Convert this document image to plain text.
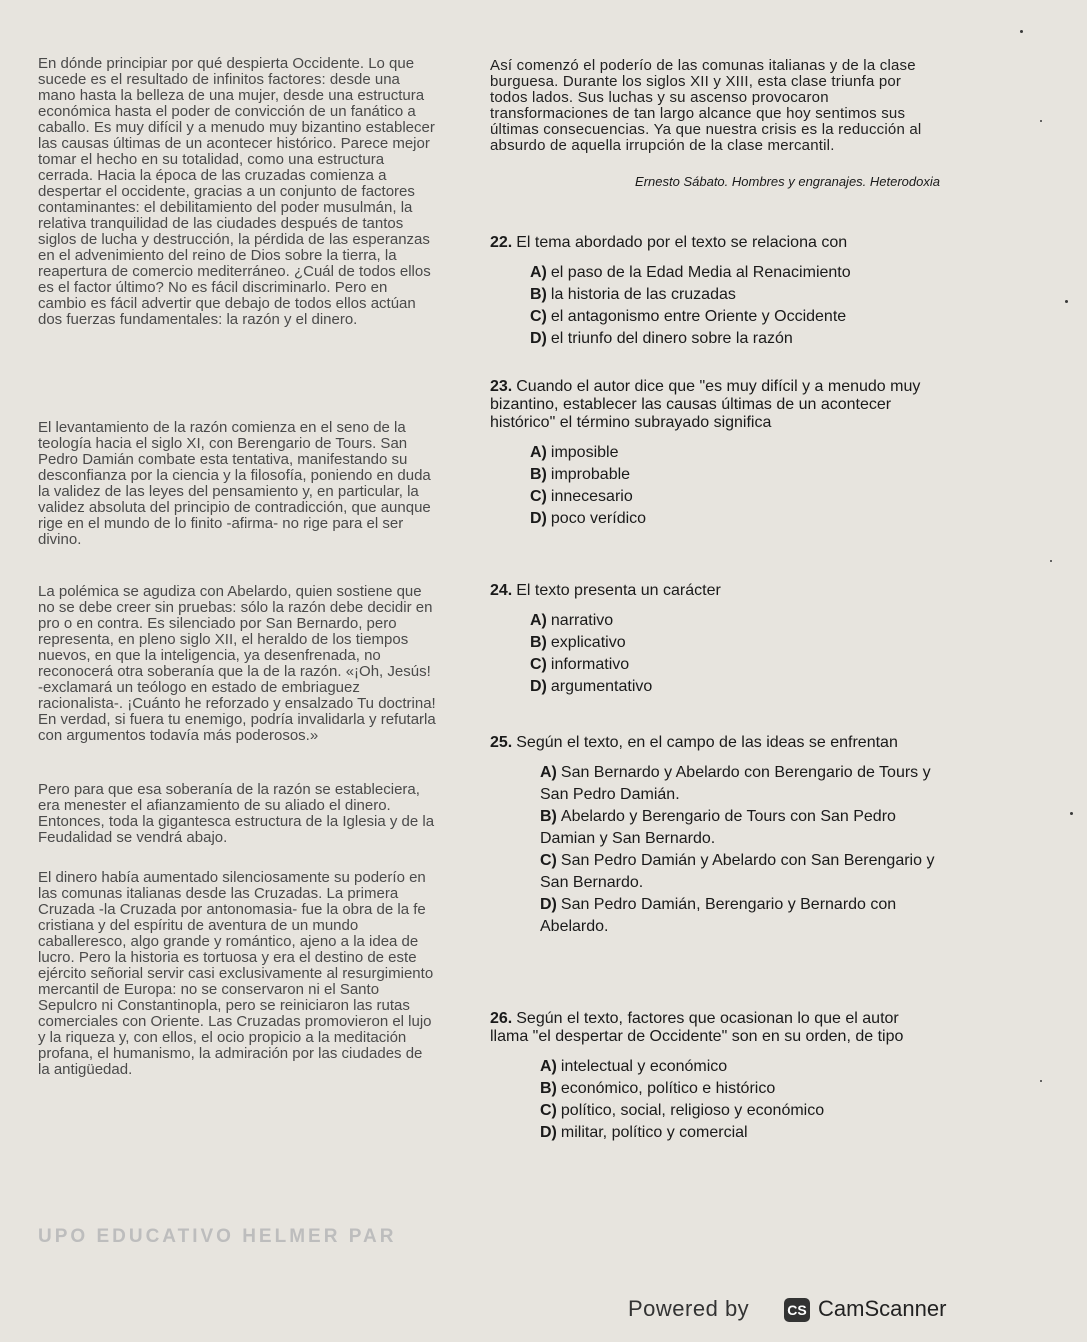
En dónde principiar por qué despierta Occidente. Lo que sucede es el resultado de infinitos factores: desde una mano hasta la belleza de una mujer, desde una estructura económica hasta el poder de convicción de un fanático a caballo. Es muy difícil y a menudo muy bizantino establecer las causas últimas de un acontecer histórico. Parece mejor tomar el hecho en su totalidad, como una estructura cerrada. Hacia la época de las cruzadas comienza a despertar el occidente, gracias a un conjunto de factores contaminantes: el debilitamiento del poder musulmán, la relativa tranquilidad de las ciudades después de tantos siglos de lucha y destrucción, la pérdida de las esperanzas en el advenimiento del reino de Dios sobre la tierra, la reapertura de comercio mediterráneo. ¿Cuál de todos ellos es el factor último? No es fácil discriminarlo. Pero en cambio es fácil advertir que debajo de todos ellos actúan dos fuerzas fundamentales: la razón y el dinero.

El levantamiento de la razón comienza en el seno de la teología hacia el siglo XI, con Berengario de Tours. San Pedro Damián combate esta tentativa, manifestando su desconfianza por la ciencia y la filosofía, poniendo en duda la validez de las leyes del pensamiento y, en particular, la validez absoluta del principio de contradicción, que aunque rige en el mundo de lo finito -afirma- no rige para el ser divino.

La polémica se agudiza con Abelardo, quien sostiene que no se debe creer sin pruebas: sólo la razón debe decidir en pro o en contra. Es silenciado por San Bernardo, pero representa, en pleno siglo XII, el heraldo de los tiempos nuevos, en que la inteligencia, ya desenfrenada, no reconocerá otra soberanía que la de la razón. «¡Oh, Jesús! -exclamará un teólogo en estado de embriaguez racionalista-. ¡Cuánto he reforzado y ensalzado Tu doctrina! En verdad, si fuera tu enemigo, podría invalidarla y refutarla con argumentos todavía más poderosos.»

Pero para que esa soberanía de la razón se estableciera, era menester el afianzamiento de su aliado el dinero. Entonces, toda la gigantesca estructura de la Iglesia y de la Feudalidad se vendrá abajo.

El dinero había aumentado silenciosamente su poderío en las comunas italianas desde las Cruzadas. La primera Cruzada -la Cruzada por antonomasia- fue la obra de la fe cristiana y del espíritu de aventura de un mundo caballeresco, algo grande y romántico, ajeno a la idea de lucro. Pero la historia es tortuosa y era el destino de este ejército señorial servir casi exclusivamente al resurgimiento mercantil de Europa: no se conservaron ni el Santo Sepulcro ni Constantinopla, pero se reiniciaron las rutas comerciales con Oriente. Las Cruzadas promovieron el lujo y la riqueza y, con ellos, el ocio propicio a la meditación profana, el humanismo, la admiración por las ciudades de la antigüedad.

Así comenzó el poderío de las comunas italianas y de la clase burguesa. Durante los siglos XII y XIII, esta clase triunfa por todos lados. Sus luchas y su ascenso provocaron transformaciones de tan largo alcance que hoy sentimos sus últimas consecuencias. Ya que nuestra crisis es la reducción al absurdo de aquella irrupción de la clase mercantil.

Ernesto Sábato. Hombres y engranajes. Heterodoxia

22. El tema abordado por el texto se relaciona con
A) el paso de la Edad Media al Renacimiento
B) la historia de las cruzadas
C) el antagonismo entre Oriente y Occidente
D) el triunfo del dinero sobre la razón
23. Cuando el autor dice que "es muy difícil y a menudo muy bizantino, establecer las causas últimas de un acontecer histórico" el término subrayado significa
A) imposible
B) improbable
C) innecesario
D) poco verídico
24. El texto presenta un carácter
A) narrativo
B) explicativo
C) informativo
D) argumentativo
25. Según el texto, en el campo de las ideas se enfrentan
A) San Bernardo y Abelardo con Berengario de Tours y San Pedro Damián.
B) Abelardo y Berengario de Tours con San Pedro Damian y San Bernardo.
C) San Pedro Damián y Abelardo con San Berengario y San Bernardo.
D) San Pedro Damián, Berengario y Bernardo con Abelardo.
26. Según el texto, factores que ocasionan lo que el autor llama "el despertar de Occidente" son en su orden, de tipo
A) intelectual y económico
B) económico, político e histórico
C) político, social, religioso y económico
D) militar, político y comercial
UPO EDUCATIVO HELMER PAR
Powered by	CS CamScanner
